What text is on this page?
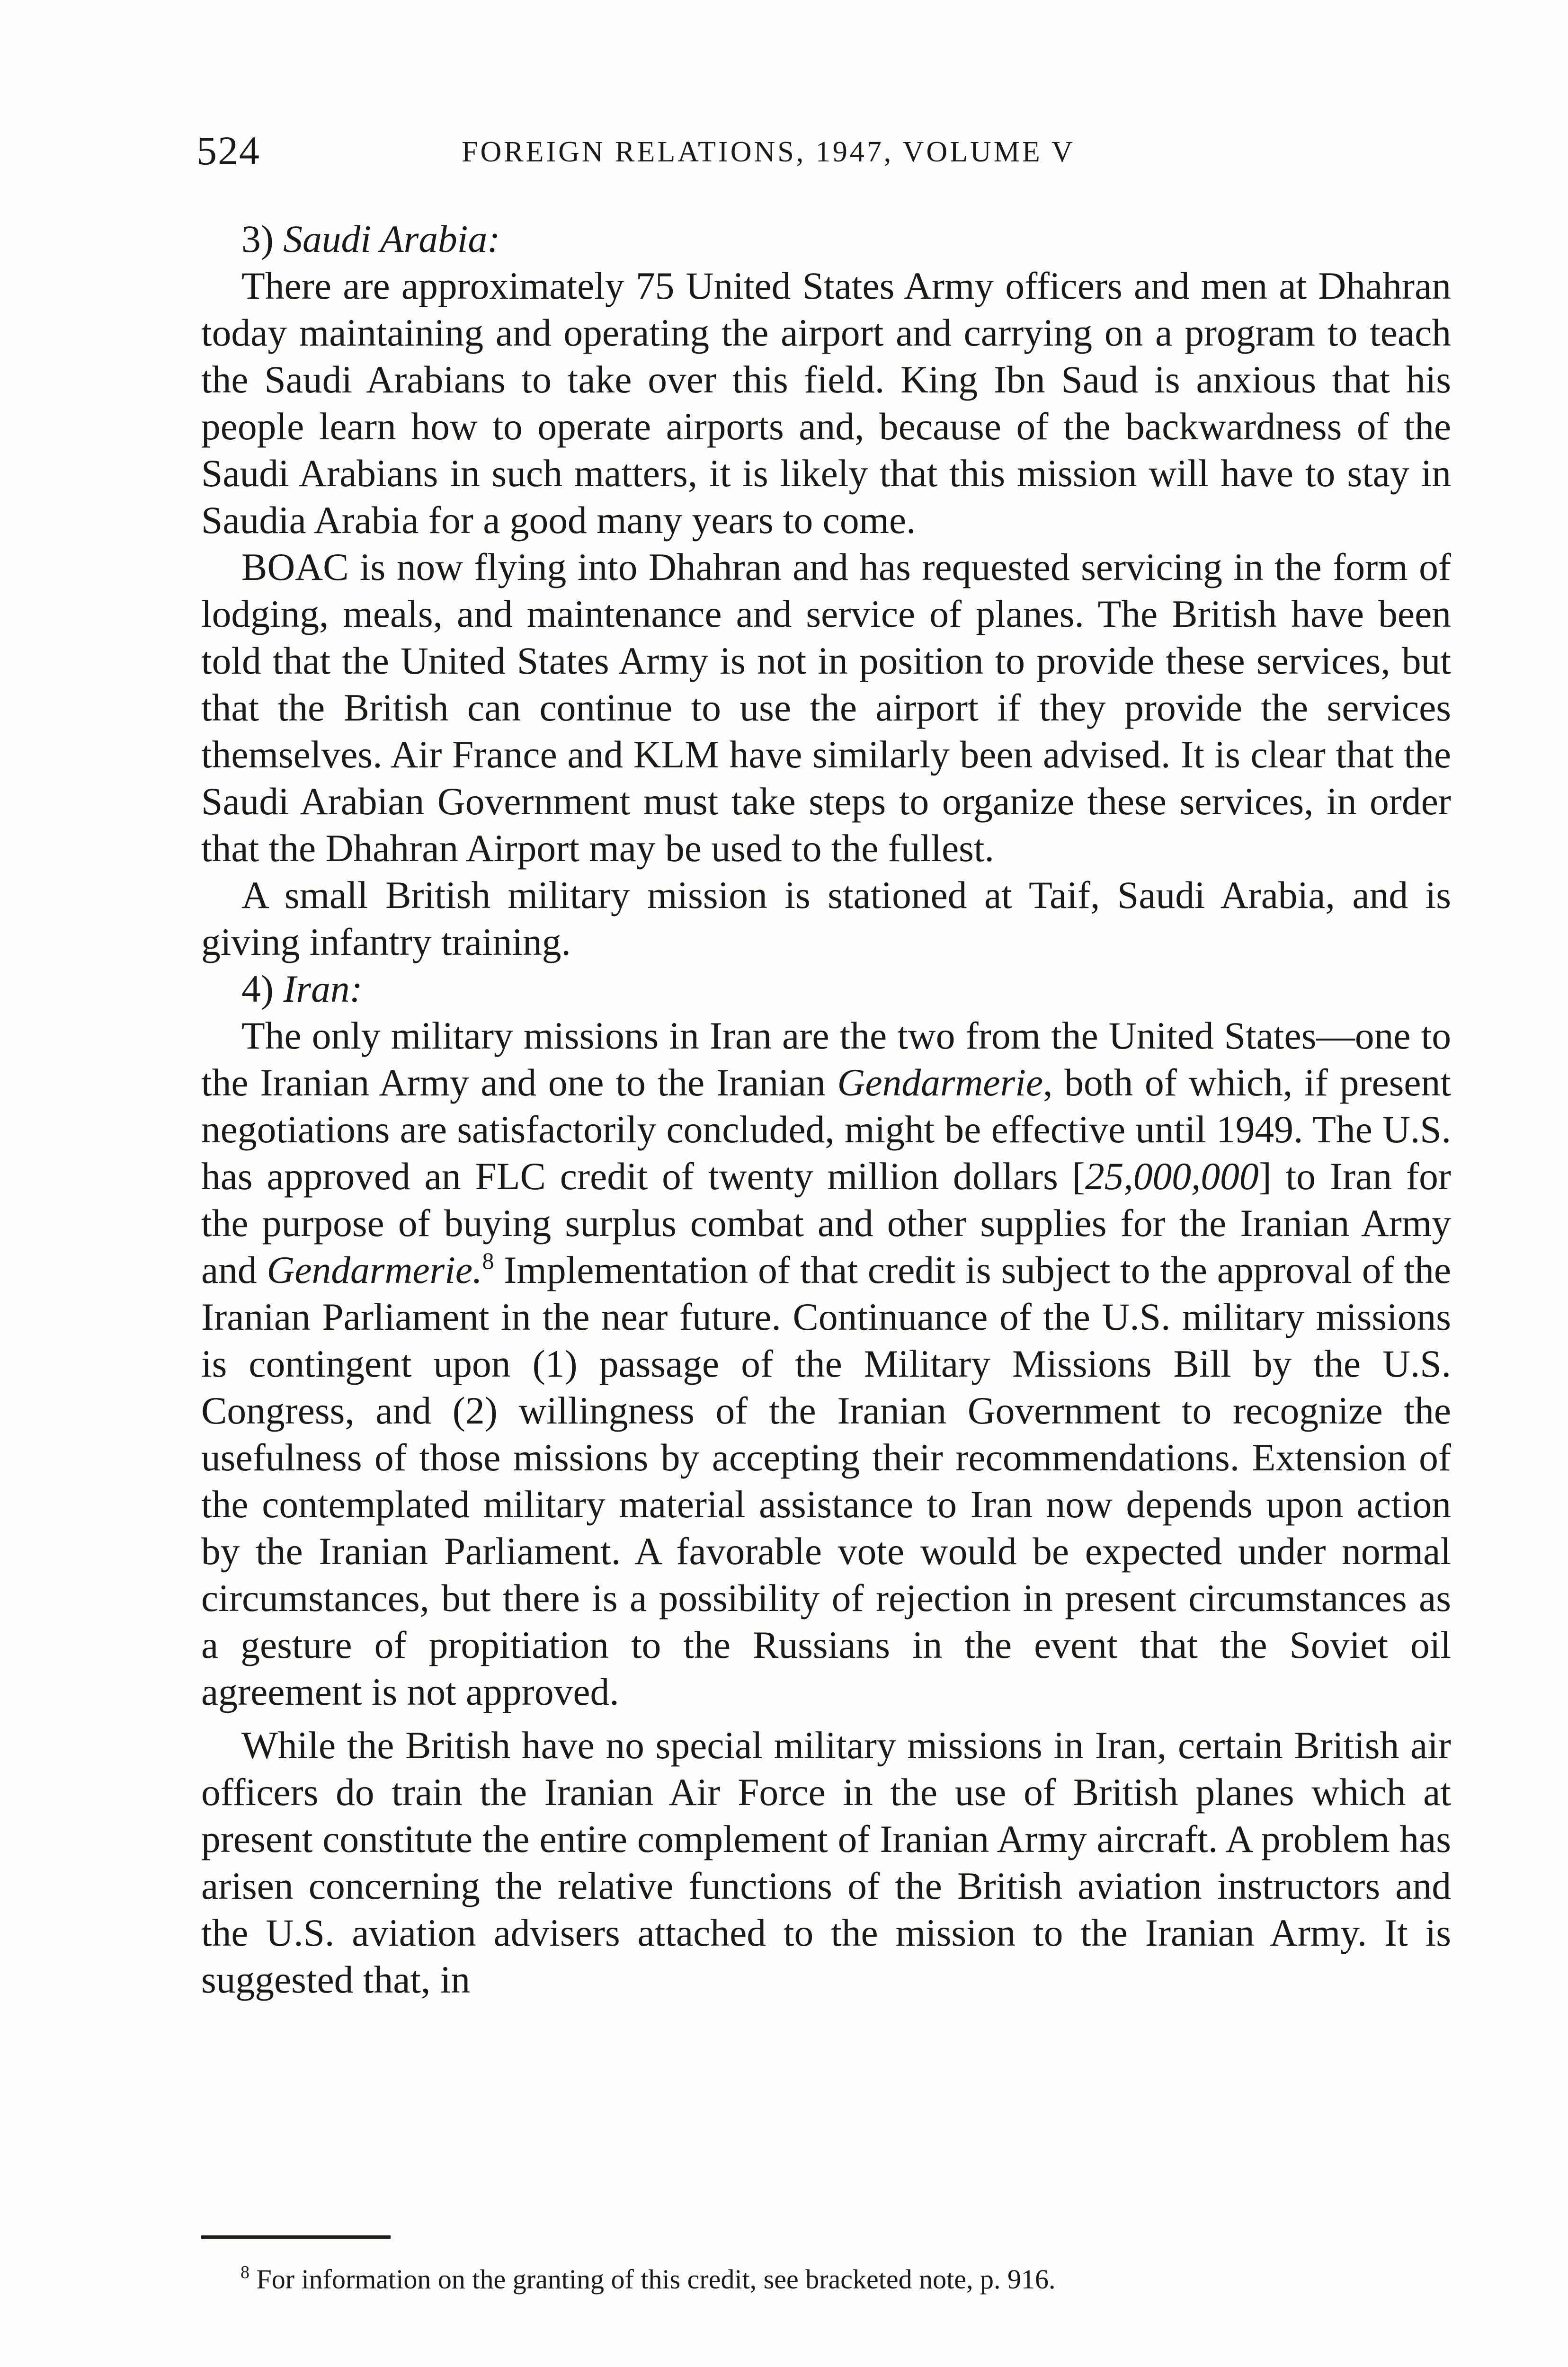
524	FOREIGN RELATIONS, 1947, VOLUME V

3) Saudi Arabia:

There are approximately 75 United States Army officers and men at Dhahran today maintaining and operating the airport and carrying on a program to teach the Saudi Arabians to take over this field. King Ibn Saud is anxious that his people learn how to operate airports and, because of the backwardness of the Saudi Arabians in such matters, it is likely that this mission will have to stay in Saudia Arabia for a good many years to come.

BOAC is now flying into Dhahran and has requested servicing in the form of lodging, meals, and maintenance and service of planes. The British have been told that the United States Army is not in position to provide these services, but that the British can continue to use the airport if they provide the services themselves. Air France and KLM have similarly been advised. It is clear that the Saudi Arabian Government must take steps to organize these services, in order that the Dhahran Airport may be used to the fullest.

A small British military mission is stationed at Taif, Saudi Arabia, and is giving infantry training.

4) Iran:

The only military missions in Iran are the two from the United States—one to the Iranian Army and one to the Iranian Gendarmerie, both of which, if present negotiations are satisfactorily concluded, might be effective until 1949. The U.S. has approved an FLC credit of twenty million dollars [25,000,000] to Iran for the purpose of buying surplus combat and other supplies for the Iranian Army and Gendarmerie.$^8$ Implementation of that credit is subject to the approval of the Iranian Parliament in the near future. Continuance of the U.S. military missions is contingent upon (1) passage of the Military Missions Bill by the U.S. Congress, and (2) willingness of the Iranian Government to recognize the usefulness of those missions by accepting their recommendations. Extension of the contemplated military material assistance to Iran now depends upon action by the Iranian Parliament. A favorable vote would be expected under normal circumstances, but there is a possibility of rejection in present circumstances as a gesture of propitiation to the Russians in the event that the Soviet oil agreement is not approved.

While the British have no special military missions in Iran, certain British air officers do train the Iranian Air Force in the use of British planes which at present constitute the entire complement of Iranian Army aircraft. A problem has arisen concerning the relative functions of the British aviation instructors and the U.S. aviation advisers attached to the mission to the Iranian Army. It is suggested that, in

$^8$ For information on the granting of this credit, see bracketed note, p. 916.
